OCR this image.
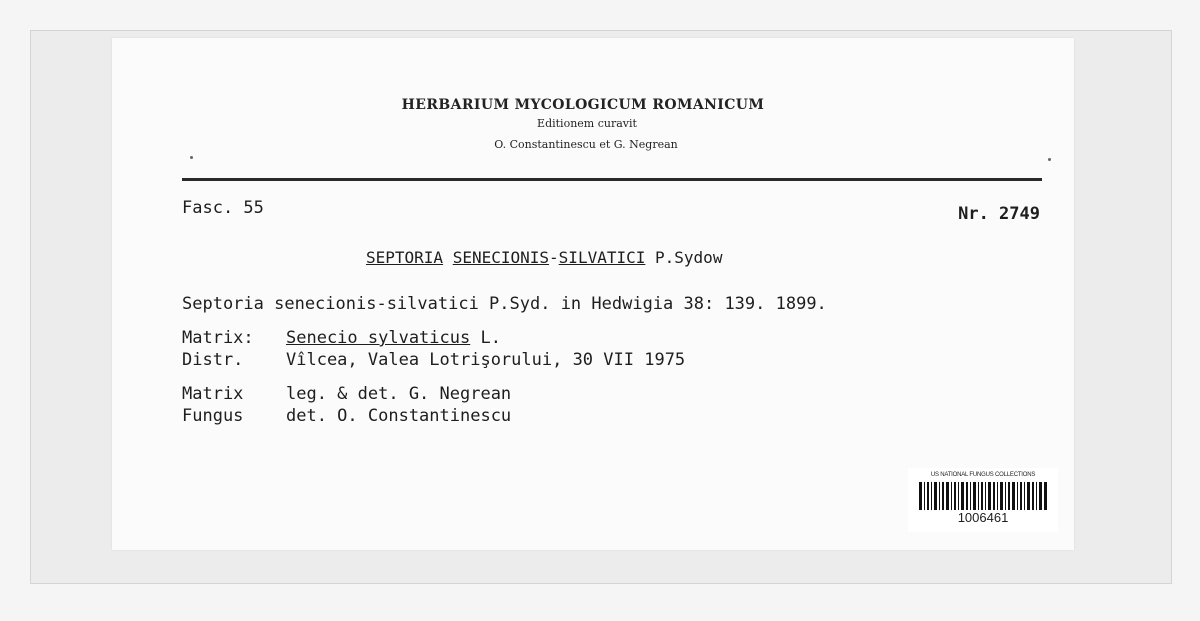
HERBARIUM MYCOLOGICUM ROMANICUM
Editionem curavit
O. Constantinescu et G. Negrean
Fasc. 55	Nr. 2749
SEPTORIA SENECIONIS-SILVATICI P.Sydow
Septoria senecionis-silvatici P.Syd. in Hedwigia 38: 139. 1899.
Matrix: Senecio sylvaticus L.
Distr.	Vîlcea, Valea Lotrişorului, 30 VII 1975
Matrix	leg. & det. G. Negrean
Fungus	det. O. Constantinescu
US NATIONAL FUNGUS COLLECTIONS
1006461
